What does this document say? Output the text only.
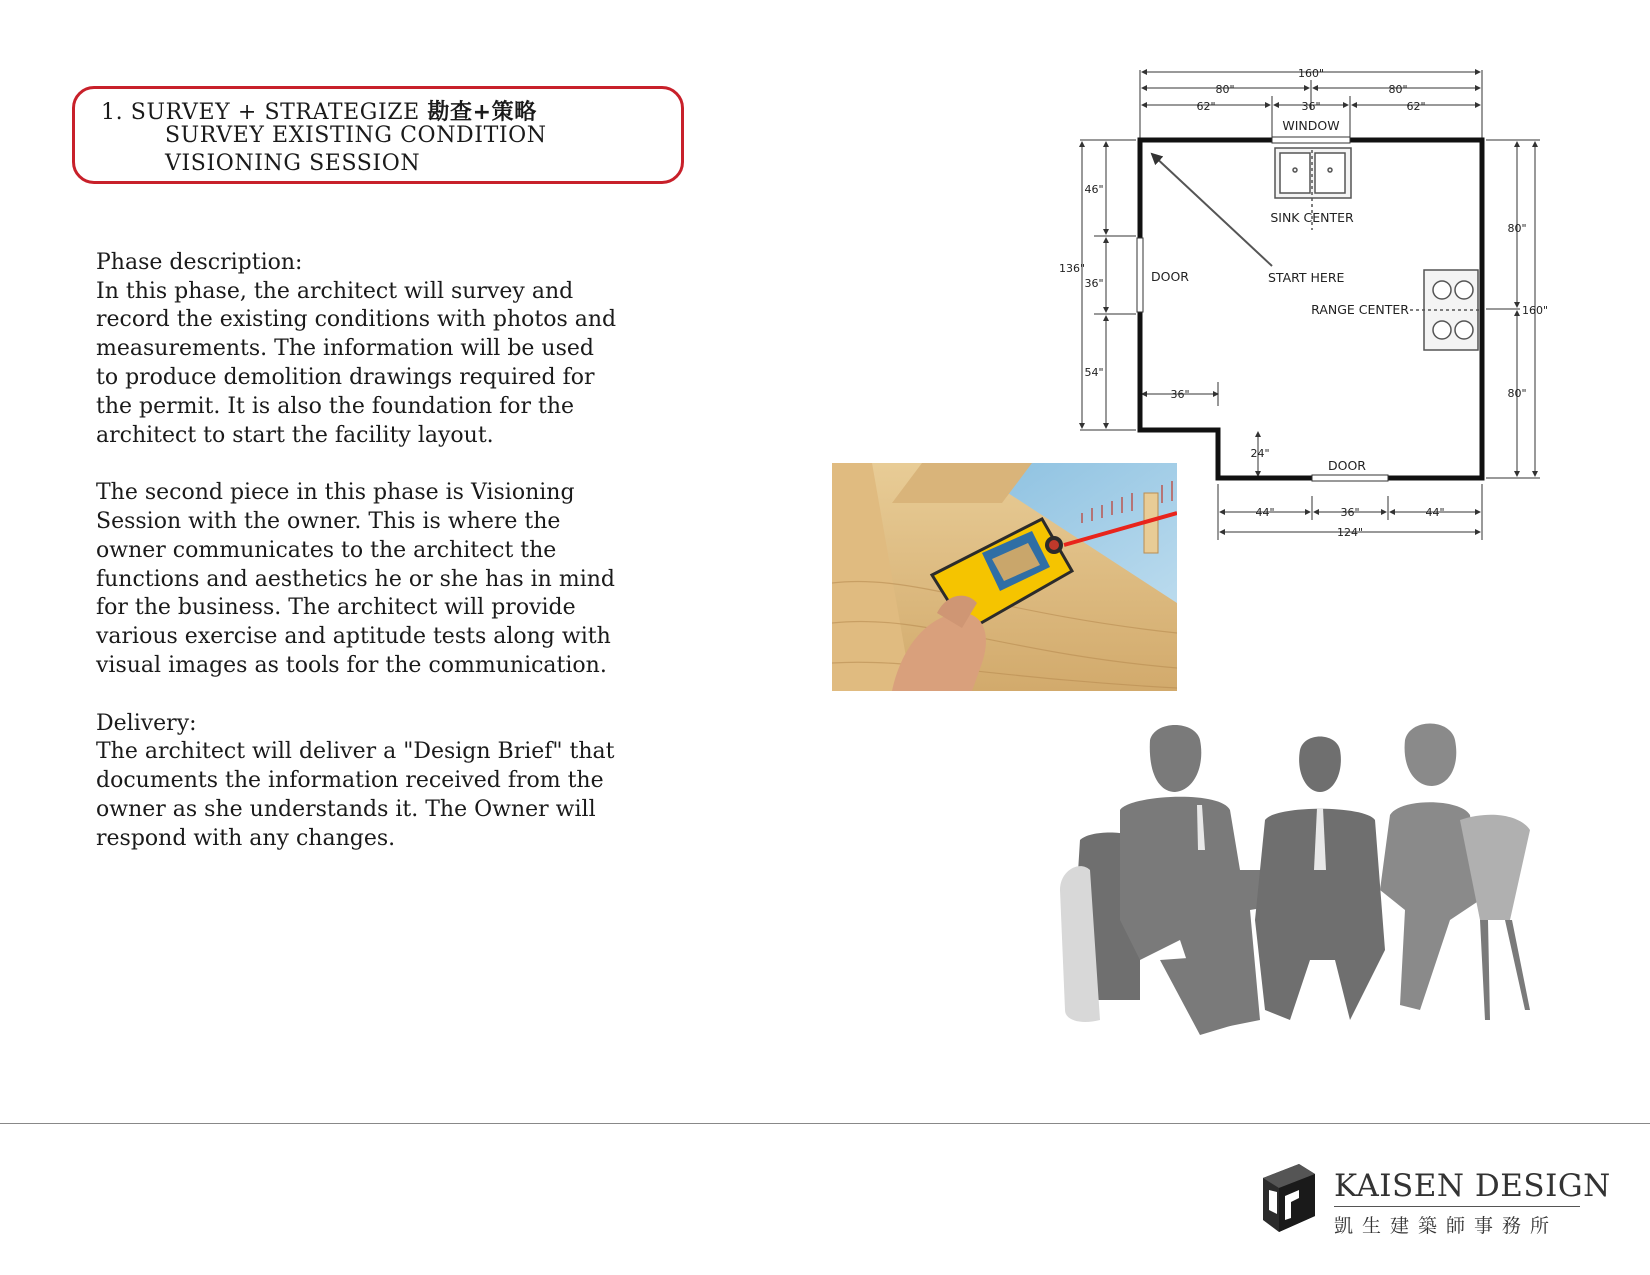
1. SURVEY + STRATEGIZE 勘查+策略
SURVEY EXISTING CONDITION
VISIONING SESSION

Phase description:
In this phase, the architect will survey and
record the existing conditions with photos and
measurements. The information will be used
to produce demolition drawings required for
the permit. It is also the foundation for the
architect to start the facility layout.

The second piece in this phase is Visioning
Session with the owner. This is where the
owner communicates to the architect the
functions and aesthetics he or she has in mind
for the business. The architect will provide
various exercise and aptitude tests along with
visual images as tools for the communication.

Delivery:
The architect will deliver a "Design Brief" that
documents the information received from the
owner as she understands it. The Owner will
respond with any changes.

160"
80"	80"
62"	36"	62"
136"
46"
36"
54"
80"
80"
160"
36"
24"
44"	36"	44"
124"
WINDOW
SINK CENTER
DOOR	START HERE
RANGE CENTER
DOOR
KAISEN DESIGN
凱生建築師事務所
